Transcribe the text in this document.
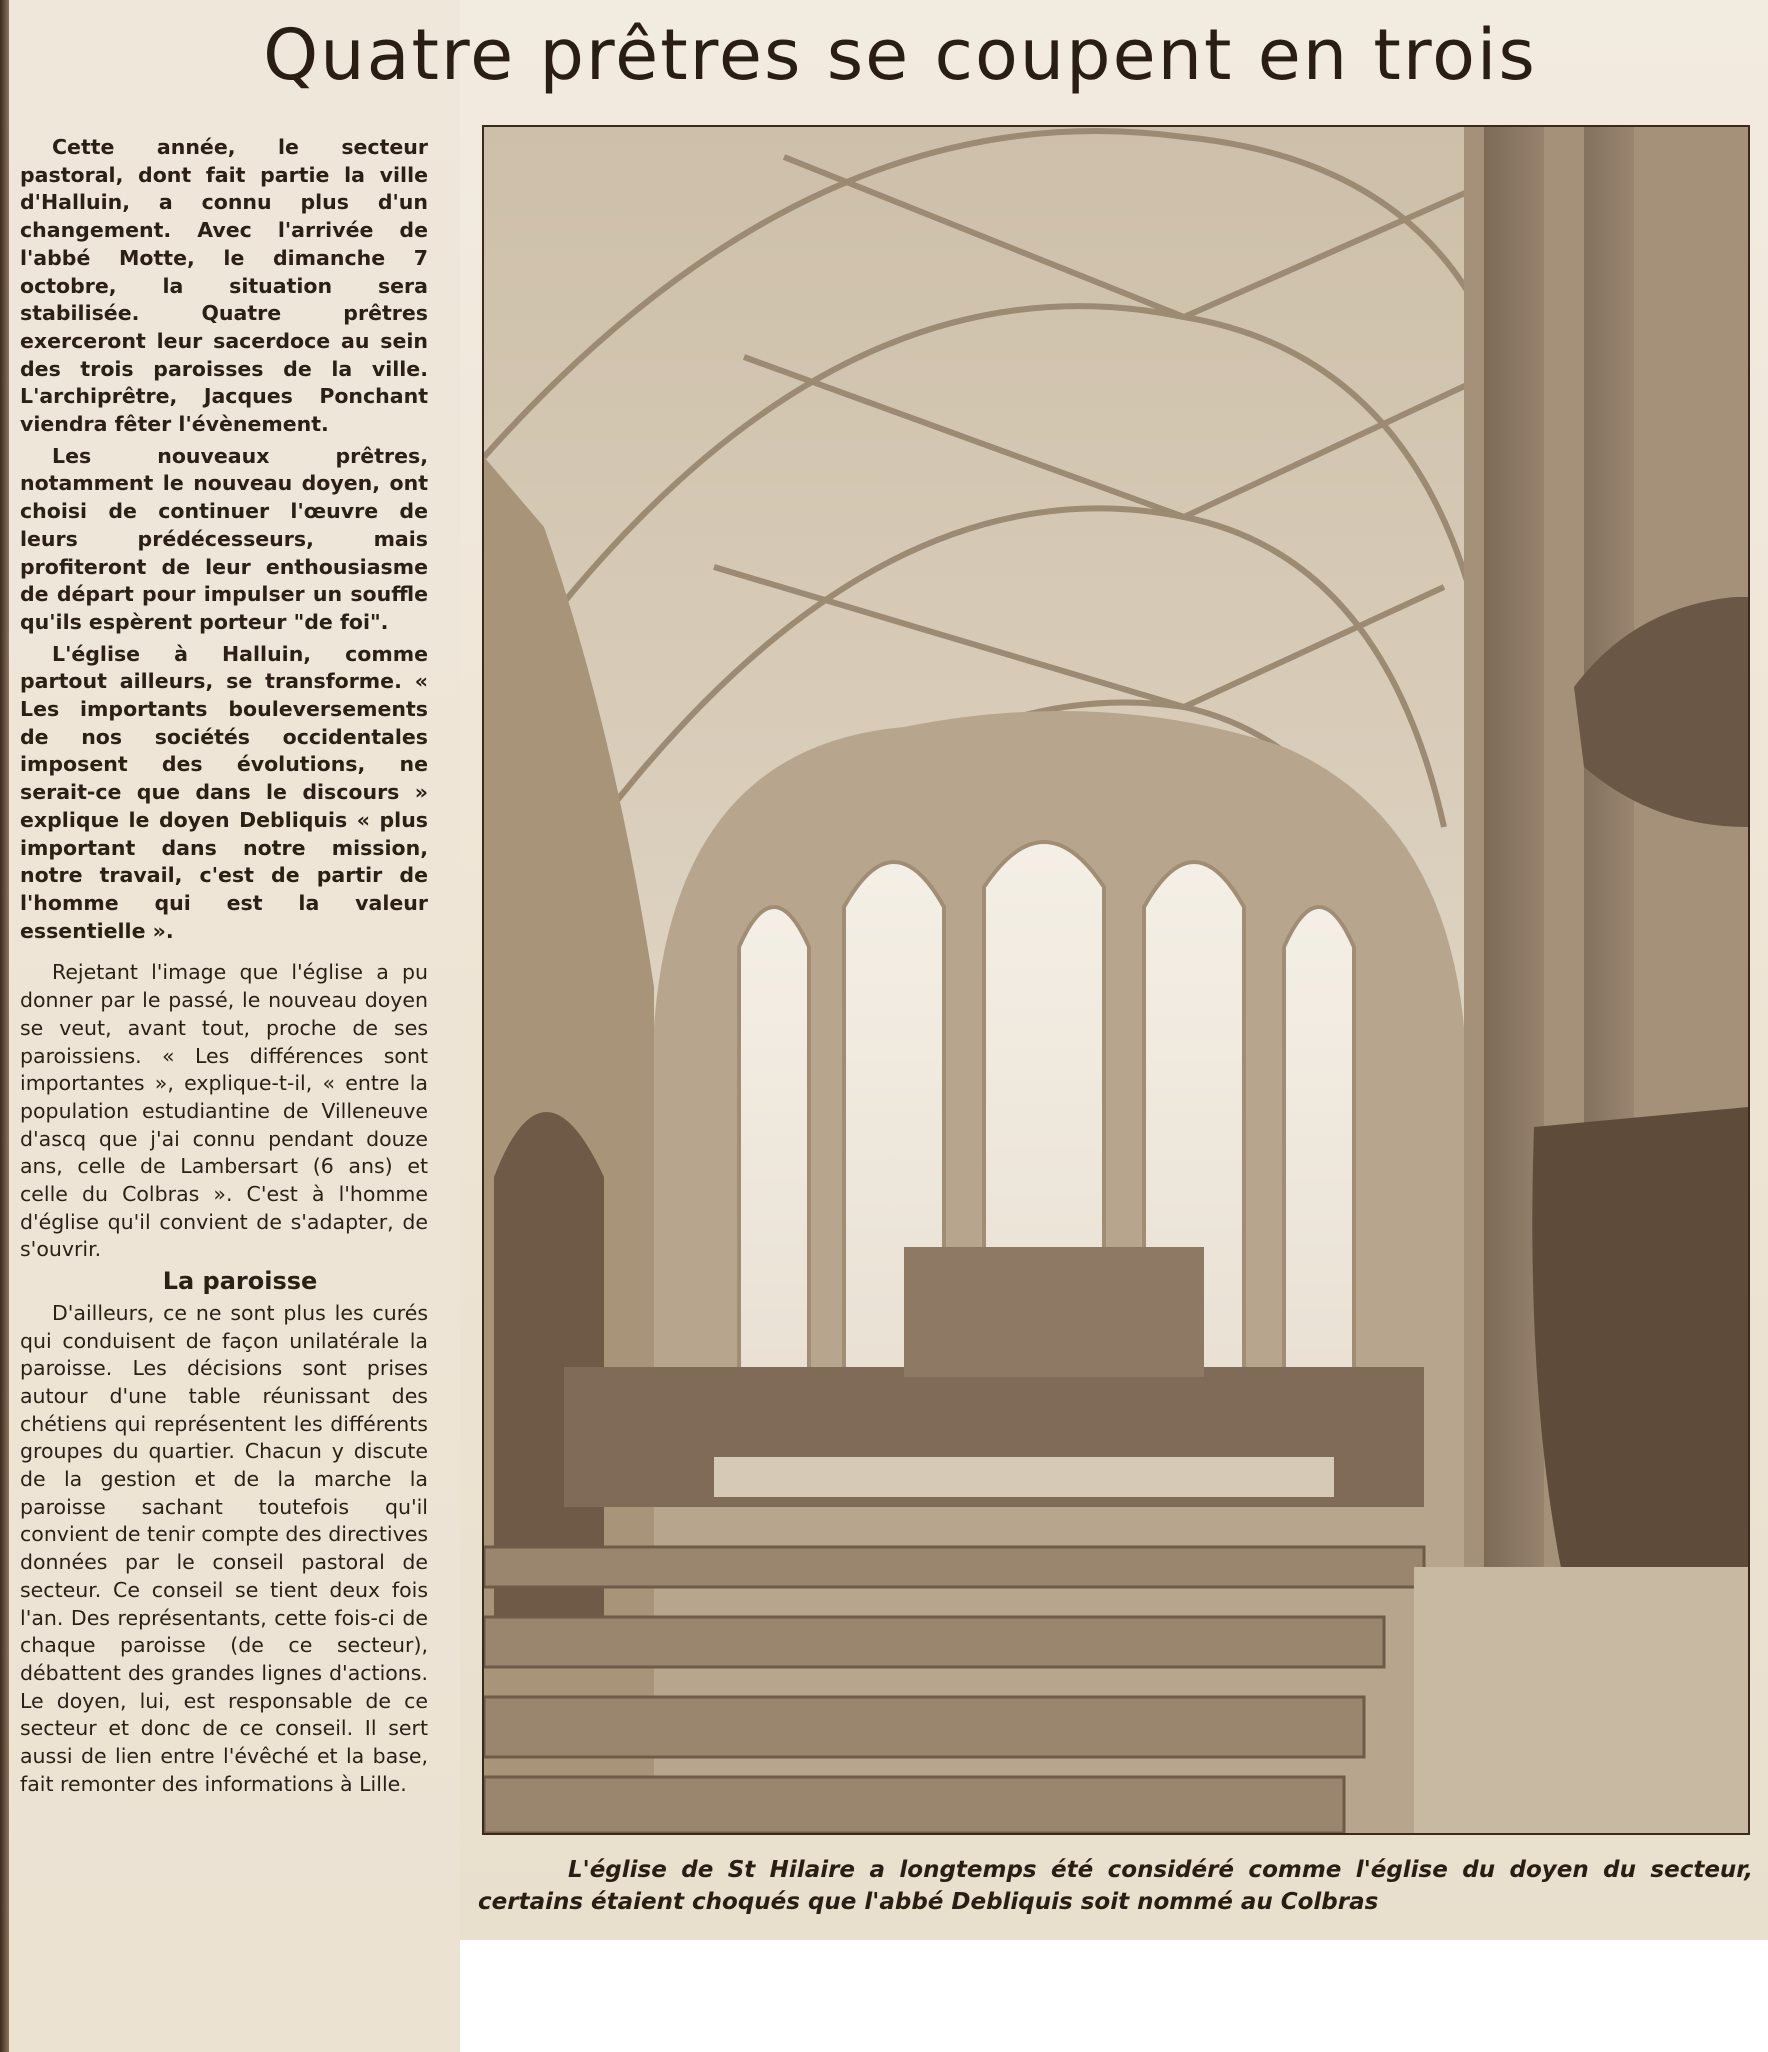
Quatre prêtres se coupent en trois

Cette année, le secteur pastoral, dont fait partie la ville d'Halluin, a connu plus d'un changement. Avec l'arrivée de l'abbé Motte, le dimanche 7 octobre, la situation sera stabilisée. Quatre prêtres exerceront leur sacerdoce au sein des trois paroisses de la ville. L'archiprêtre, Jacques Ponchant viendra fêter l'évènement.

Les nouveaux prêtres, notamment le nouveau doyen, ont choisi de continuer l'œuvre de leurs prédécesseurs, mais profiteront de leur enthousiasme de départ pour impulser un souffle qu'ils espèrent porteur "de foi".

L'église à Halluin, comme partout ailleurs, se transforme. « Les importants bouleversements de nos sociétés occidentales imposent des évolutions, ne serait-ce que dans le discours » explique le doyen Debliquis « plus important dans notre mission, notre travail, c'est de partir de l'homme qui est la valeur essentielle ».

Rejetant l'image que l'église a pu donner par le passé, le nouveau doyen se veut, avant tout, proche de ses paroissiens. « Les différences sont importantes », explique-t-il, « entre la population estudiantine de Villeneuve d'ascq que j'ai connu pendant douze ans, celle de Lambersart (6 ans) et celle du Colbras ». C'est à l'homme d'église qu'il convient de s'adapter, de s'ouvrir.

La paroisse

D'ailleurs, ce ne sont plus les curés qui conduisent de façon unilatérale la paroisse. Les décisions sont prises autour d'une table réunissant des chétiens qui représentent les différents groupes du quartier. Chacun y discute de la gestion et de la marche la paroisse sachant toutefois qu'il convient de tenir compte des directives données par le conseil pastoral de secteur. Ce conseil se tient deux fois l'an. Des représentants, cette fois-ci de chaque paroisse (de ce secteur), débattent des grandes lignes d'actions. Le doyen, lui, est responsable de ce secteur et donc de ce conseil. Il sert aussi de lien entre l'évêché et la base, fait remonter des informations à Lille.

L'église de St Hilaire a longtemps été considéré comme l'église du doyen du secteur, certains étaient choqués que l'abbé Debliquis soit nommé au Colbras
